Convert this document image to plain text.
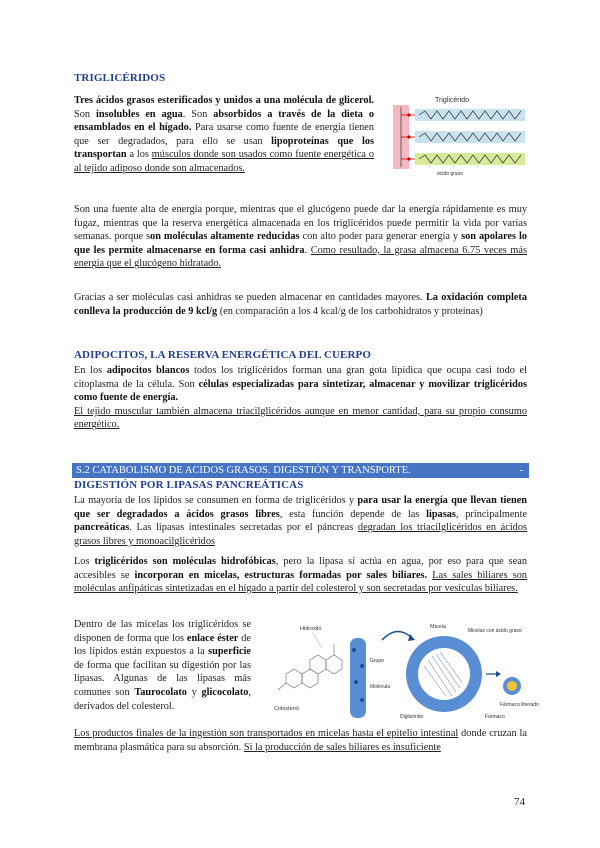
TRIGLICÉRIDOS
Tres ácidos grasos esterificados y unidos a una molécula de glicerol. Son insolubles en agua. Son absorbidos a través de la dieta o ensamblados en el hígado. Para usarse como fuente de energía tienen que ser degradados, para ello se usan lipoproteínas que los transportan a los músculos donde son usados como fuente energética o al tejido adiposo donde son almacenados.
Triglicérido
ácido graso
Son una fuente alta de energía porque, mientras que el glucógeno puede dar la energía rápidamente es muy fugaz, mientras que la reserva energética almacenada en los triglicéridos puede permitir la vida por varias semanas. porque son moléculas altamente reducidas con alto poder para generar energía y son apolares lo que les permite almacenarse en forma casi anhidra. Como resultado, la grasa almacena 6.75 veces más energía que el glucógeno hidratado.
Gracias a ser moléculas casi anhidras se pueden almacenar en cantidades mayores. La oxidación completa conlleva la producción de 9 kcl/g (en comparación a los 4 kcal/g de los carbohidratos y proteínas)
ADIPOCITOS, LA RESERVA ENERGÉTICA DEL CUERPO
En los adipocitos blancos todos los triglicéridos forman una gran gota lipídica que ocupa casi todo el citoplasma de la célula. Son células especializadas para sintetizar, almacenar y movilizar triglicéridos como fuente de energía.
El tejido muscular también almacena triacilglicéridos aunque en menor cantidad, para su propio consumo energético.
S.2 CATABOLISMO DE ACIDOS GRASOS. DIGESTIÓN Y TRANSPORTE.	-
DIGESTIÓN POR LIPASAS PANCREÁTICAS
La mayoría de los lípidos se consumen en forma de triglicéridos y para usar la energía que llevan tienen que ser degradados a ácidos grasos libres, esta función depende de las lipasas, principalmente pancreáticas. Las lipasas intestinales secretadas por el páncreas degradan los triacilglicéridos en ácidos grasos libres y monoacilglicéridos
Los triglicéridos son moléculas hidrofóbicas, pero la lipasa sí actúa en agua, por eso para que sean accesibles se incorporan en micelas, estructuras formadas por sales biliares. Las sales biliares son moléculas anfipáticas sintetizadas en el hígado a partir del colesterol y son secretadas por vesículas biliares.
Dentro de las micelas los triglicéridos se disponen de forma que los enlace éster de los lípidos están expuestos a la superficie de forma que facilitan su digestión por las lipasas. Algunas de las lipasas más comunes son Taurocolato y glicocolato, derivados del colesterol.
Hidroxilo
Colesterol
Grupo
Molécula
Micela
Micelas con ácido graso
Diglicérido
Fármaco liberado
Fármaco
Los productos finales de la ingestión son transportados en micelas hasta el epitelio intestinal donde cruzan la membrana plasmática para su absorción. Si la producción de sales biliares es insuficiente
74
